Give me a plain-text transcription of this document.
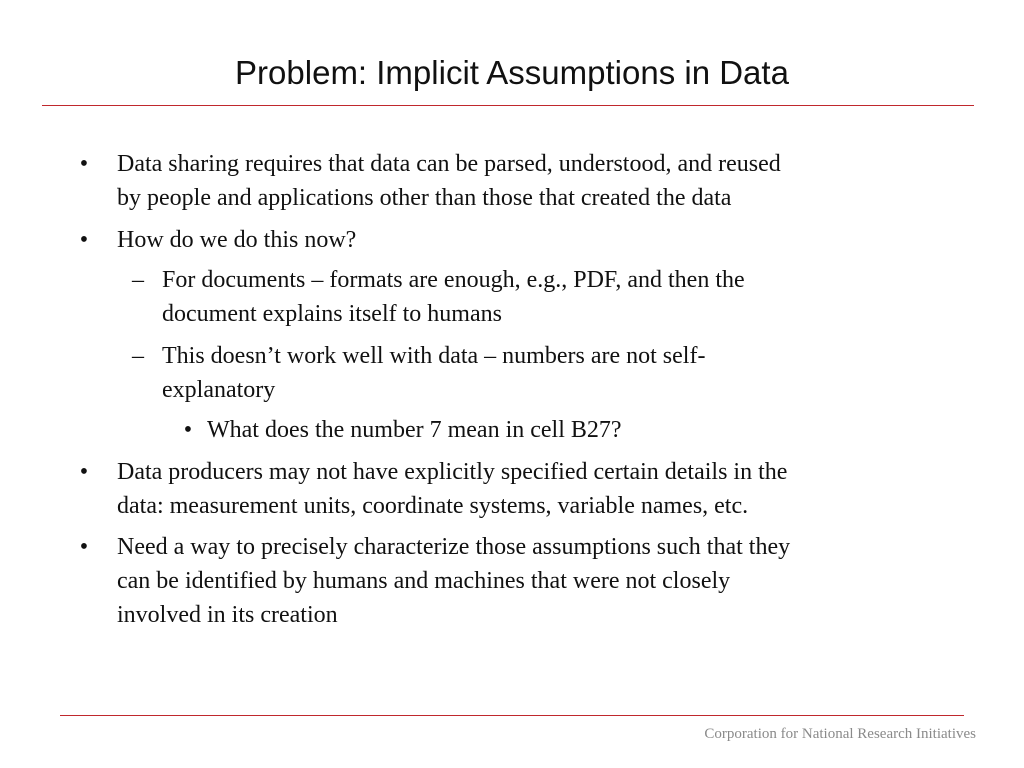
Problem: Implicit Assumptions in Data
• Data sharing requires that data can be parsed, understood, and reused
by people and applications other than those that created the data
• How do we do this now?
– For documents – formats are enough, e.g., PDF, and then the
document explains itself to humans
– This doesn’t work well with data – numbers are not self-
explanatory
• What does the number 7 mean in cell B27?
• Data producers may not have explicitly specified certain details in the
data: measurement units, coordinate systems, variable names, etc.
• Need a way to precisely characterize those assumptions such that they
can be identified by humans and machines that were not closely
involved in its creation
Corporation for National Research Initiatives
